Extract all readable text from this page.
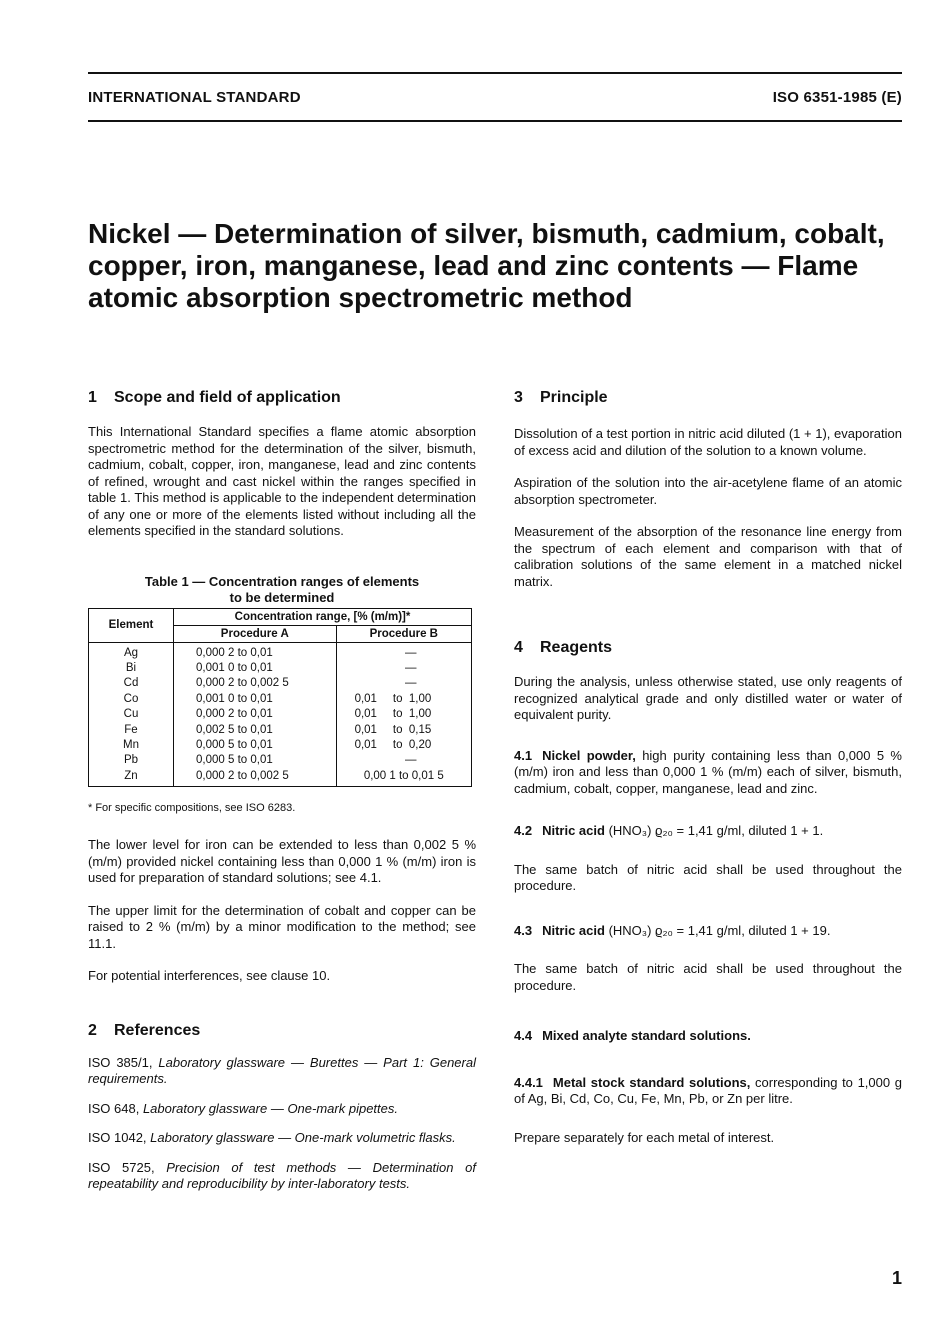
INTERNATIONAL STANDARD	ISO 6351-1985 (E)
Nickel — Determination of silver, bismuth, cadmium, cobalt, copper, iron, manganese, lead and zinc contents — Flame atomic absorption spectrometric method
1 Scope and field of application

This International Standard specifies a flame atomic absorption spectrometric method for the determination of the silver, bismuth, cadmium, cobalt, copper, iron, manganese, lead and zinc contents of refined, wrought and cast nickel within the ranges specified in table 1. This method is applicable to the independent determination of any one or more of the elements listed without including all the elements specified in the standard solutions.

Table 1 — Concentration ranges of elements

to be determined

Element	Concentration range, [% (m/m)]*	
	Procedure A	Procedure B
Ag	0,000 2 to 0,01	—
Bi	0,001 0 to 0,01	—
Cd	0,000 2 to 0,002 5	—
Co	0,001 0 to 0,01	0,01     to  1,00
Cu	0,000 2 to 0,01	0,01     to  1,00
Fe	0,002 5 to 0,01	0,01     to  0,15
Mn	0,000 5 to 0,01	0,01     to  0,20
Pb	0,000 5 to 0,01	—
Zn	0,000 2 to 0,002 5	0,00 1 to 0,01 5

* For specific compositions, see ISO 6283.

The lower level for iron can be extended to less than 0,002 5 % (m/m) provided nickel containing less than 0,000 1 % (m/m) iron is used for preparation of standard solutions; see 4.1.

The upper limit for the determination of cobalt and copper can be raised to 2 % (m/m) by a minor modification to the method; see 11.1.

For potential interferences, see clause 10.

2 References

ISO 385/1, Laboratory glassware — Burettes — Part 1: General requirements.

ISO 648, Laboratory glassware — One-mark pipettes.

ISO 1042, Laboratory glassware — One-mark volumetric flasks.

ISO 5725, Precision of test methods — Determination of repeatability and reproducibility by inter-laboratory tests.

3 Principle

Dissolution of a test portion in nitric acid diluted (1 + 1), evaporation of excess acid and dilution of the solution to a known volume.

Aspiration of the solution into the air-acetylene flame of an atomic absorption spectrometer.

Measurement of the absorption of the resonance line energy from the spectrum of each element and comparison with that of calibration solutions of the same element in a matched nickel matrix.

4 Reagents

During the analysis, unless otherwise stated, use only reagents of recognized analytical grade and only distilled water or water of equivalent purity.

4.1 Nickel powder, high purity containing less than 0,000 5 % (m/m) iron and less than 0,000 1 % (m/m) each of silver, bismuth, cadmium, cobalt, copper, manganese, lead and zinc.

4.2 Nitric acid (HNO₃) ϱ₂₀ = 1,41 g/ml, diluted 1 + 1.

The same batch of nitric acid shall be used throughout the procedure.

4.3 Nitric acid (HNO₃) ϱ₂₀ = 1,41 g/ml, diluted 1 + 19.

The same batch of nitric acid shall be used throughout the procedure.

4.4 Mixed analyte standard solutions.

4.4.1 Metal stock standard solutions, corresponding to 1,000 g of Ag, Bi, Cd, Co, Cu, Fe, Mn, Pb, or Zn per litre.

Prepare separately for each metal of interest.

1
